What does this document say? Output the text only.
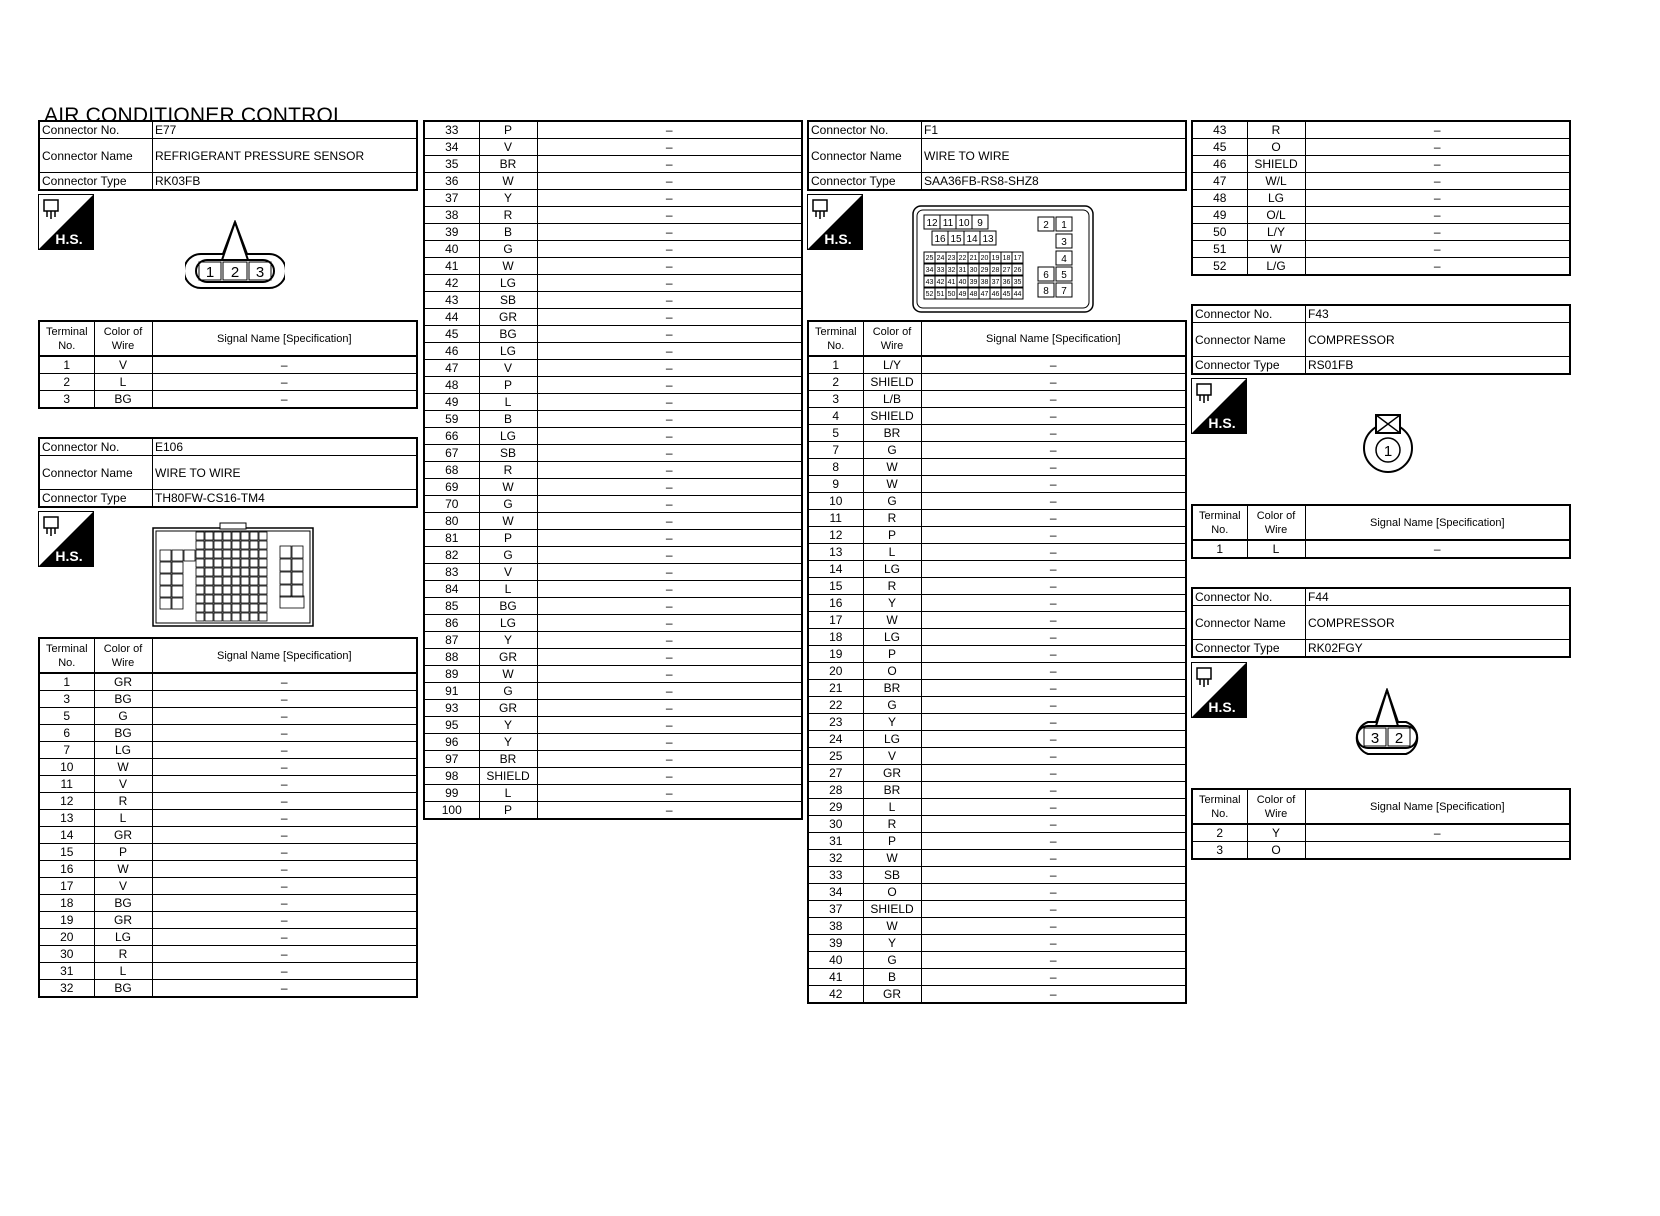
AIR CONDITIONER CONTROL
Connector No.	E77
Connector Name	REFRIGERANT PRESSURE SENSOR
Connector Type	RK03FB
H.S.
1 2 3
Terminal No.	Color of Wire	Signal Name [Specification]
1	V	–
2	L	–
3	BG	–
Connector No.	E106
Connector Name	WIRE TO WIRE
Connector Type	TH80FW-CS16-TM4
H.S.
Terminal No.	Color of Wire	Signal Name [Specification]
1	GR	–
3	BG	–
5	G	–
6	BG	–
7	LG	–
10	W	–
11	V	–
12	R	–
13	L	–
14	GR	–
15	P	–
16	W	–
17	V	–
18	BG	–
19	GR	–
20	LG	–
30	R	–
31	L	–
32	BG	–
33	P	–
34	V	–
35	BR	–
36	W	–
37	Y	–
38	R	–
39	B	–
40	G	–
41	W	–
42	LG	–
43	SB	–
44	GR	–
45	BG	–
46	LG	–
47	V	–
48	P	–
49	L	–
59	B	–
66	LG	–
67	SB	–
68	R	–
69	W	–
70	G	–
80	W	–
81	P	–
82	G	–
83	V	–
84	L	–
85	BG	–
86	LG	–
87	Y	–
88	GR	–
89	W	–
91	G	–
93	GR	–
95	Y	–
96	Y	–
97	BR	–
98	SHIELD	–
99	L	–
100	P	–
Connector No.	F1
Connector Name	WIRE TO WIRE
Connector Type	SAA36FB-RS8-SHZ8
H.S.
12 11 10 9
16 15 14 13
25 24 23 22 21 20 19 18 17
34 33 32 31 30 29 28 27 26
43 42 41 40 39 38 37 36 35
52 51 50 49 48 47 46 45 44
2 1
3
4
6 5
8 7
Terminal No.	Color of Wire	Signal Name [Specification]
1	L/Y	–
2	SHIELD	–
3	L/B	–
4	SHIELD	–
5	BR	–
7	G	–
8	W	–
9	W	–
10	G	–
11	R	–
12	P	–
13	L	–
14	LG	–
15	R	–
16	Y	–
17	W	–
18	LG	–
19	P	–
20	O	–
21	BR	–
22	G	–
23	Y	–
24	LG	–
25	V	–
27	GR	–
28	BR	–
29	L	–
30	R	–
31	P	–
32	W	–
33	SB	–
34	O	–
37	SHIELD	–
38	W	–
39	Y	–
40	G	–
41	B	–
42	GR	–
43	R	–
45	O	–
46	SHIELD	–
47	W/L	–
48	LG	–
49	O/L	–
50	L/Y	–
51	W	–
52	L/G	–
Connector No.	F43
Connector Name	COMPRESSOR
Connector Type	RS01FB
H.S.
1
Terminal No.	Color of Wire	Signal Name [Specification]
1	L	–
Connector No.	F44
Connector Name	COMPRESSOR
Connector Type	RK02FGY
H.S.
3 2
Terminal No.	Color of Wire	Signal Name [Specification]
2	Y	–
3	O	
